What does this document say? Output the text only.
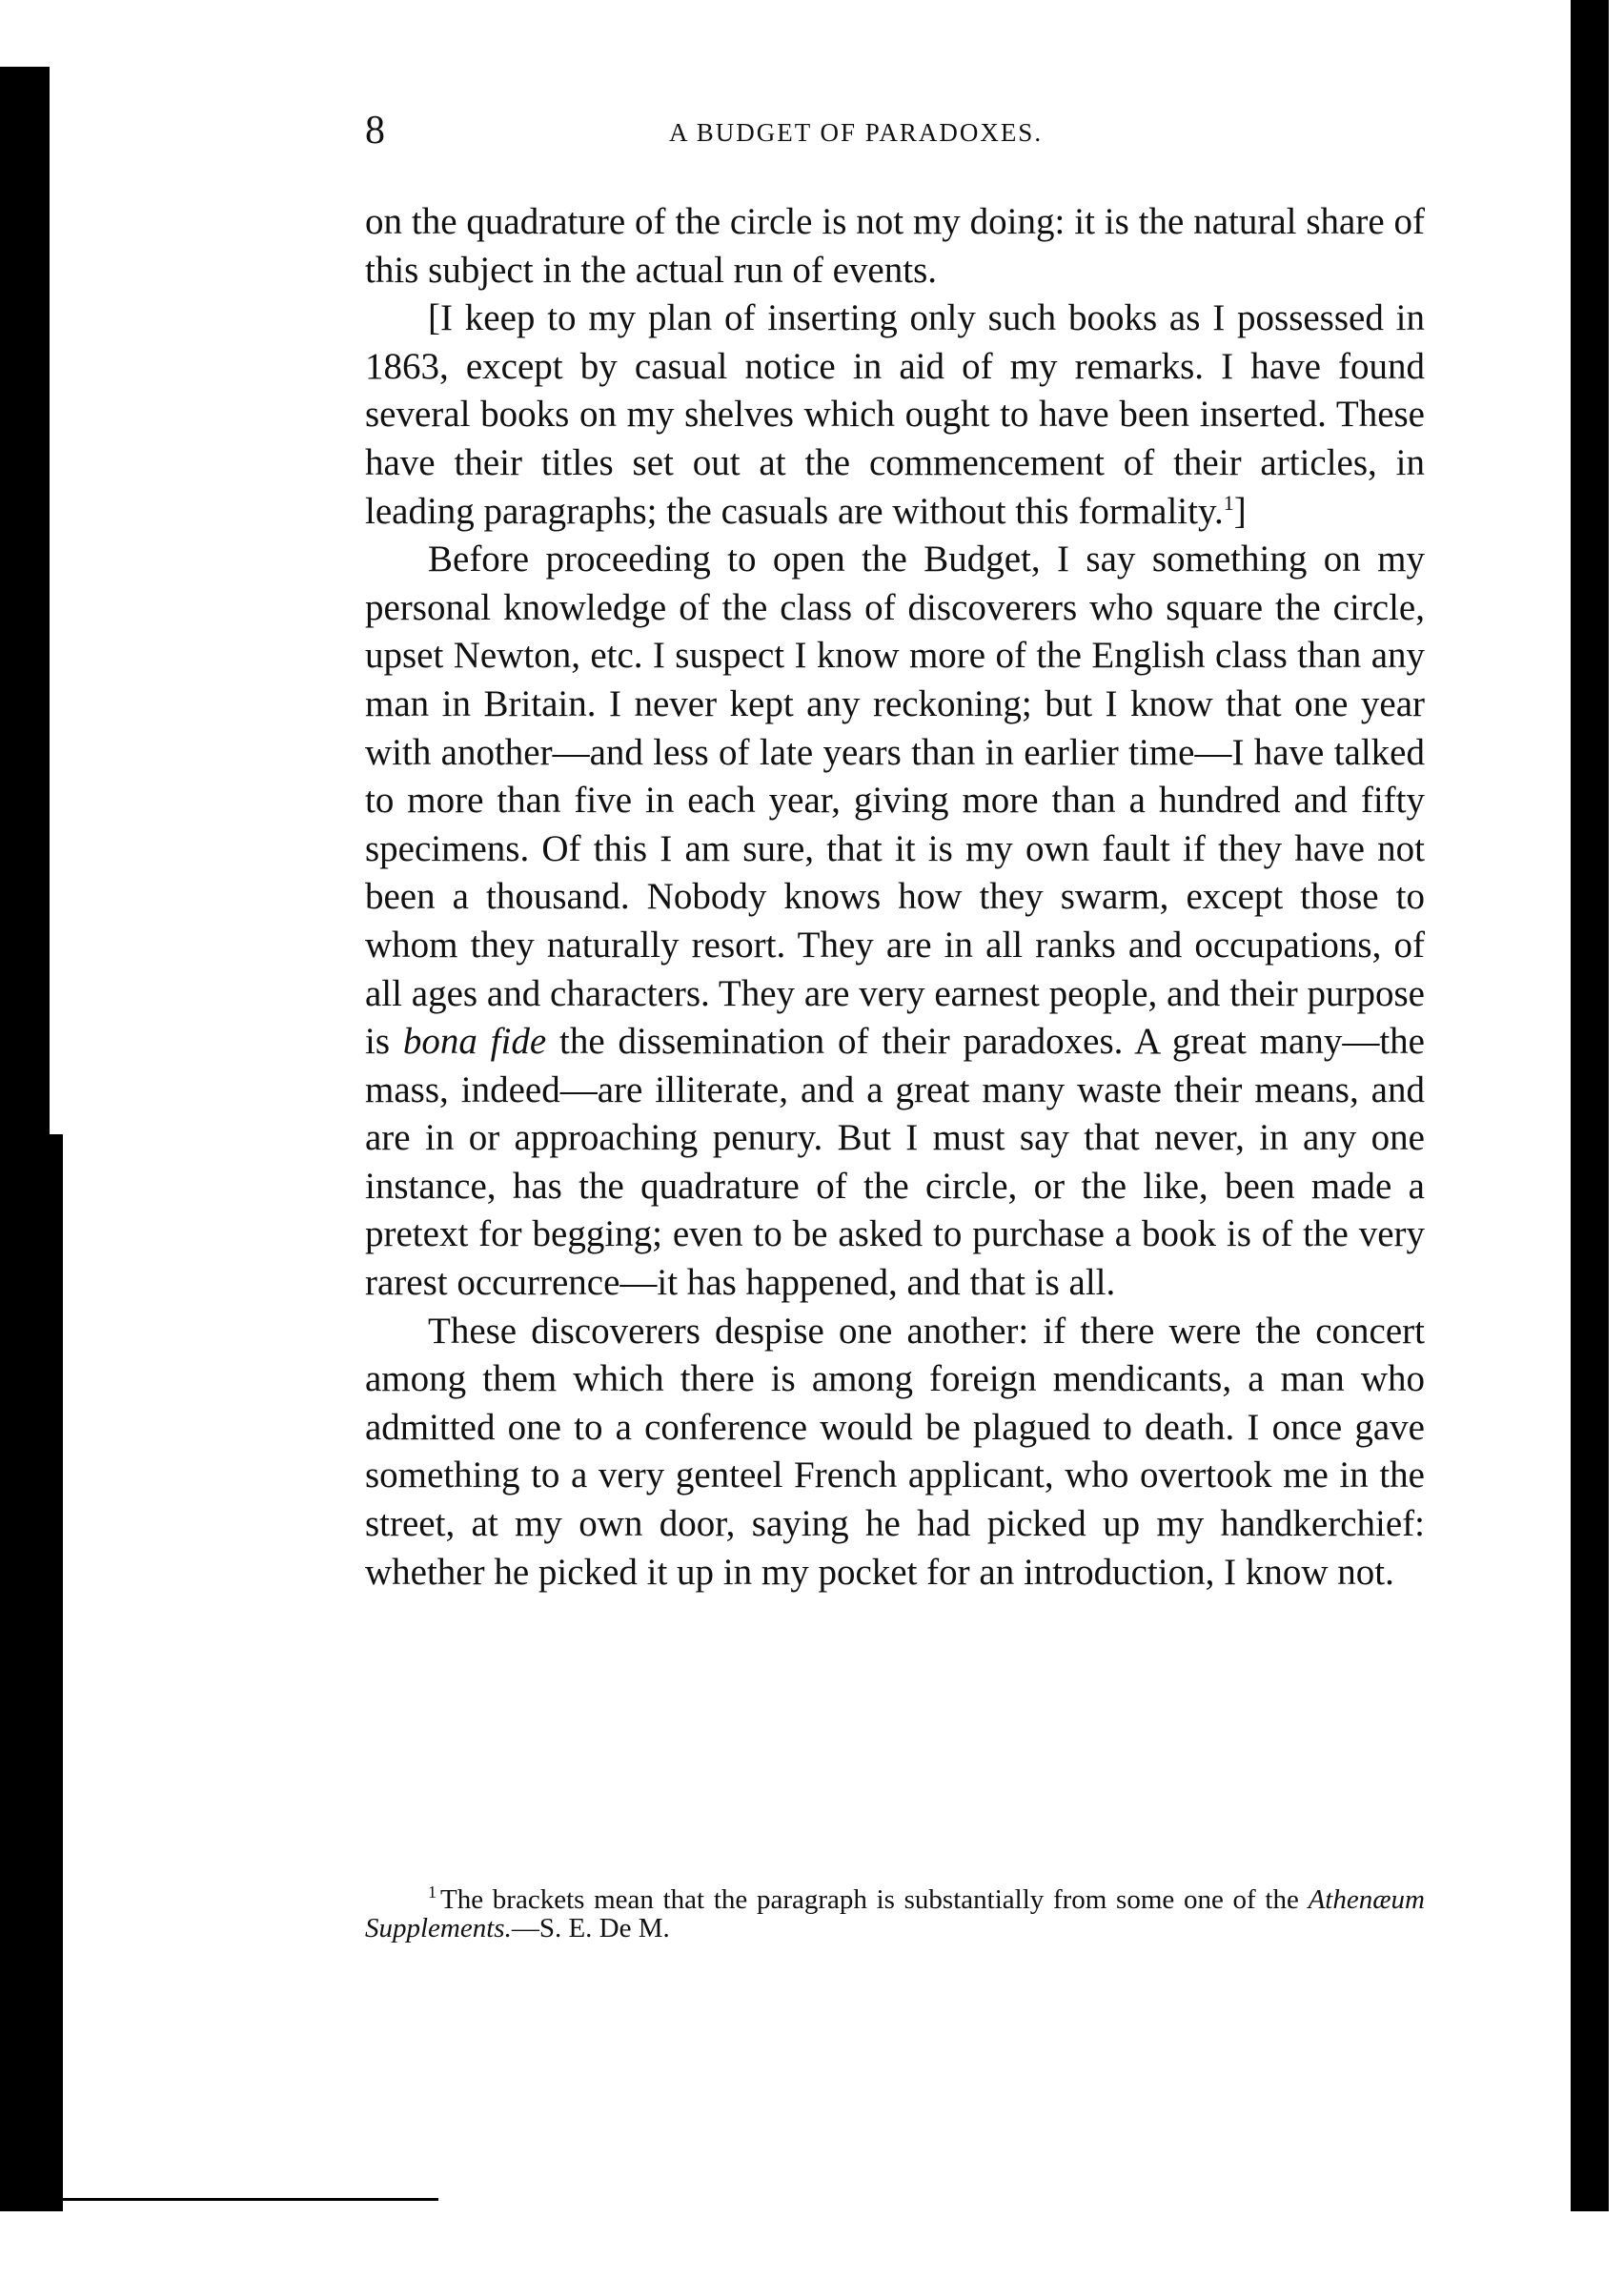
8	A BUDGET OF PARADOXES.

on the quadrature of the circle is not my doing: it is the natural share of this subject in the actual run of events.

[I keep to my plan of inserting only such books as I possessed in 1863, except by casual notice in aid of my remarks. I have found several books on my shelves which ought to have been inserted. These have their titles set out at the commencement of their articles, in leading paragraphs; the casuals are without this formality.$^1$]

Before proceeding to open the Budget, I say something on my personal knowledge of the class of discoverers who square the circle, upset Newton, etc. I suspect I know more of the English class than any man in Britain. I never kept any reckoning; but I know that one year with another—and less of late years than in earlier time—I have talked to more than five in each year, giving more than a hundred and fifty specimens. Of this I am sure, that it is my own fault if they have not been a thousand. Nobody knows how they swarm, except those to whom they naturally resort. They are in all ranks and occupations, of all ages and characters. They are very earnest people, and their purpose is bona fide the dissemination of their paradoxes. A great many—the mass, indeed—are illiterate, and a great many waste their means, and are in or approaching penury. But I must say that never, in any one instance, has the quadrature of the circle, or the like, been made a pretext for begging; even to be asked to purchase a book is of the very rarest occurrence—it has happened, and that is all.

These discoverers despise one another: if there were the concert among them which there is among foreign mendicants, a man who admitted one to a conference would be plagued to death. I once gave something to a very genteel French applicant, who overtook me in the street, at my own door, saying he had picked up my handkerchief: whether he picked it up in my pocket for an introduction, I know not.

$^1$ The brackets mean that the paragraph is substantially from some one of the Athenæum Supplements.—S. E. De M.
